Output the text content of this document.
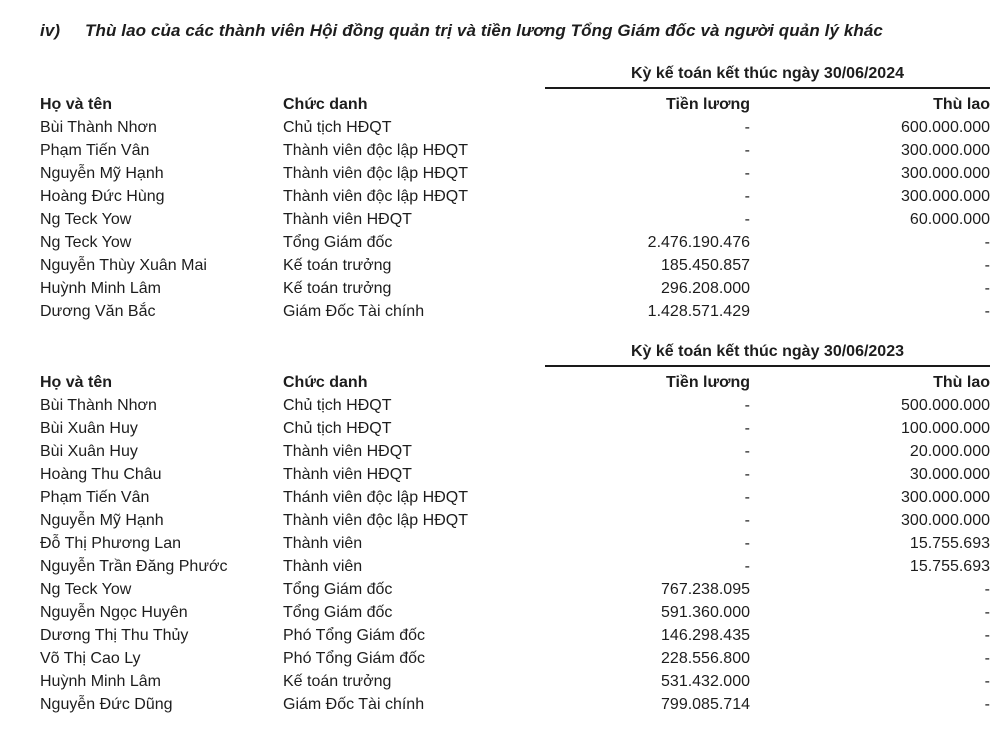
iv)	Thù lao của các thành viên Hội đồng quản trị và tiền lương Tổng Giám đốc và người quản lý khác
Kỳ kế toán kết thúc ngày 30/06/2024
Họ và tên	Chức danh	Tiền lương	Thù lao
Bùi Thành Nhơn	Chủ tịch HĐQT	-	600.000.000
Phạm Tiến Vân	Thành viên độc lập HĐQT	-	300.000.000
Nguyễn Mỹ Hạnh	Thành viên độc lập HĐQT	-	300.000.000
Hoàng Đức Hùng	Thành viên độc lập HĐQT	-	300.000.000
Ng Teck Yow	Thành viên HĐQT	-	60.000.000
Ng Teck Yow	Tổng Giám đốc	2.476.190.476	-
Nguyễn Thùy Xuân Mai	Kế toán trưởng	185.450.857	-
Huỳnh Minh Lâm	Kế toán trưởng	296.208.000	-
Dương Văn Bắc	Giám Đốc Tài chính	1.428.571.429	-
Kỳ kế toán kết thúc ngày 30/06/2023
Họ và tên	Chức danh	Tiền lương	Thù lao
Bùi Thành Nhơn	Chủ tịch HĐQT	-	500.000.000
Bùi Xuân Huy	Chủ tịch HĐQT	-	100.000.000
Bùi Xuân Huy	Thành viên HĐQT	-	20.000.000
Hoàng Thu Châu	Thành viên HĐQT	-	30.000.000
Phạm Tiến Vân	Thánh viên độc lập HĐQT	-	300.000.000
Nguyễn Mỹ Hạnh	Thành viên độc lập HĐQT	-	300.000.000
Đỗ Thị Phương Lan	Thành viên	-	15.755.693
Nguyễn Trần Đăng Phước	Thành viên	-	15.755.693
Ng Teck Yow	Tổng Giám đốc	767.238.095	-
Nguyễn Ngọc Huyên	Tổng Giám đốc	591.360.000	-
Dương Thị Thu Thủy	Phó Tổng Giám đốc	146.298.435	-
Võ Thị Cao Ly	Phó Tổng Giám đốc	228.556.800	-
Huỳnh Minh Lâm	Kế toán trưởng	531.432.000	-
Nguyễn Đức Dũng	Giám Đốc Tài chính	799.085.714	-
